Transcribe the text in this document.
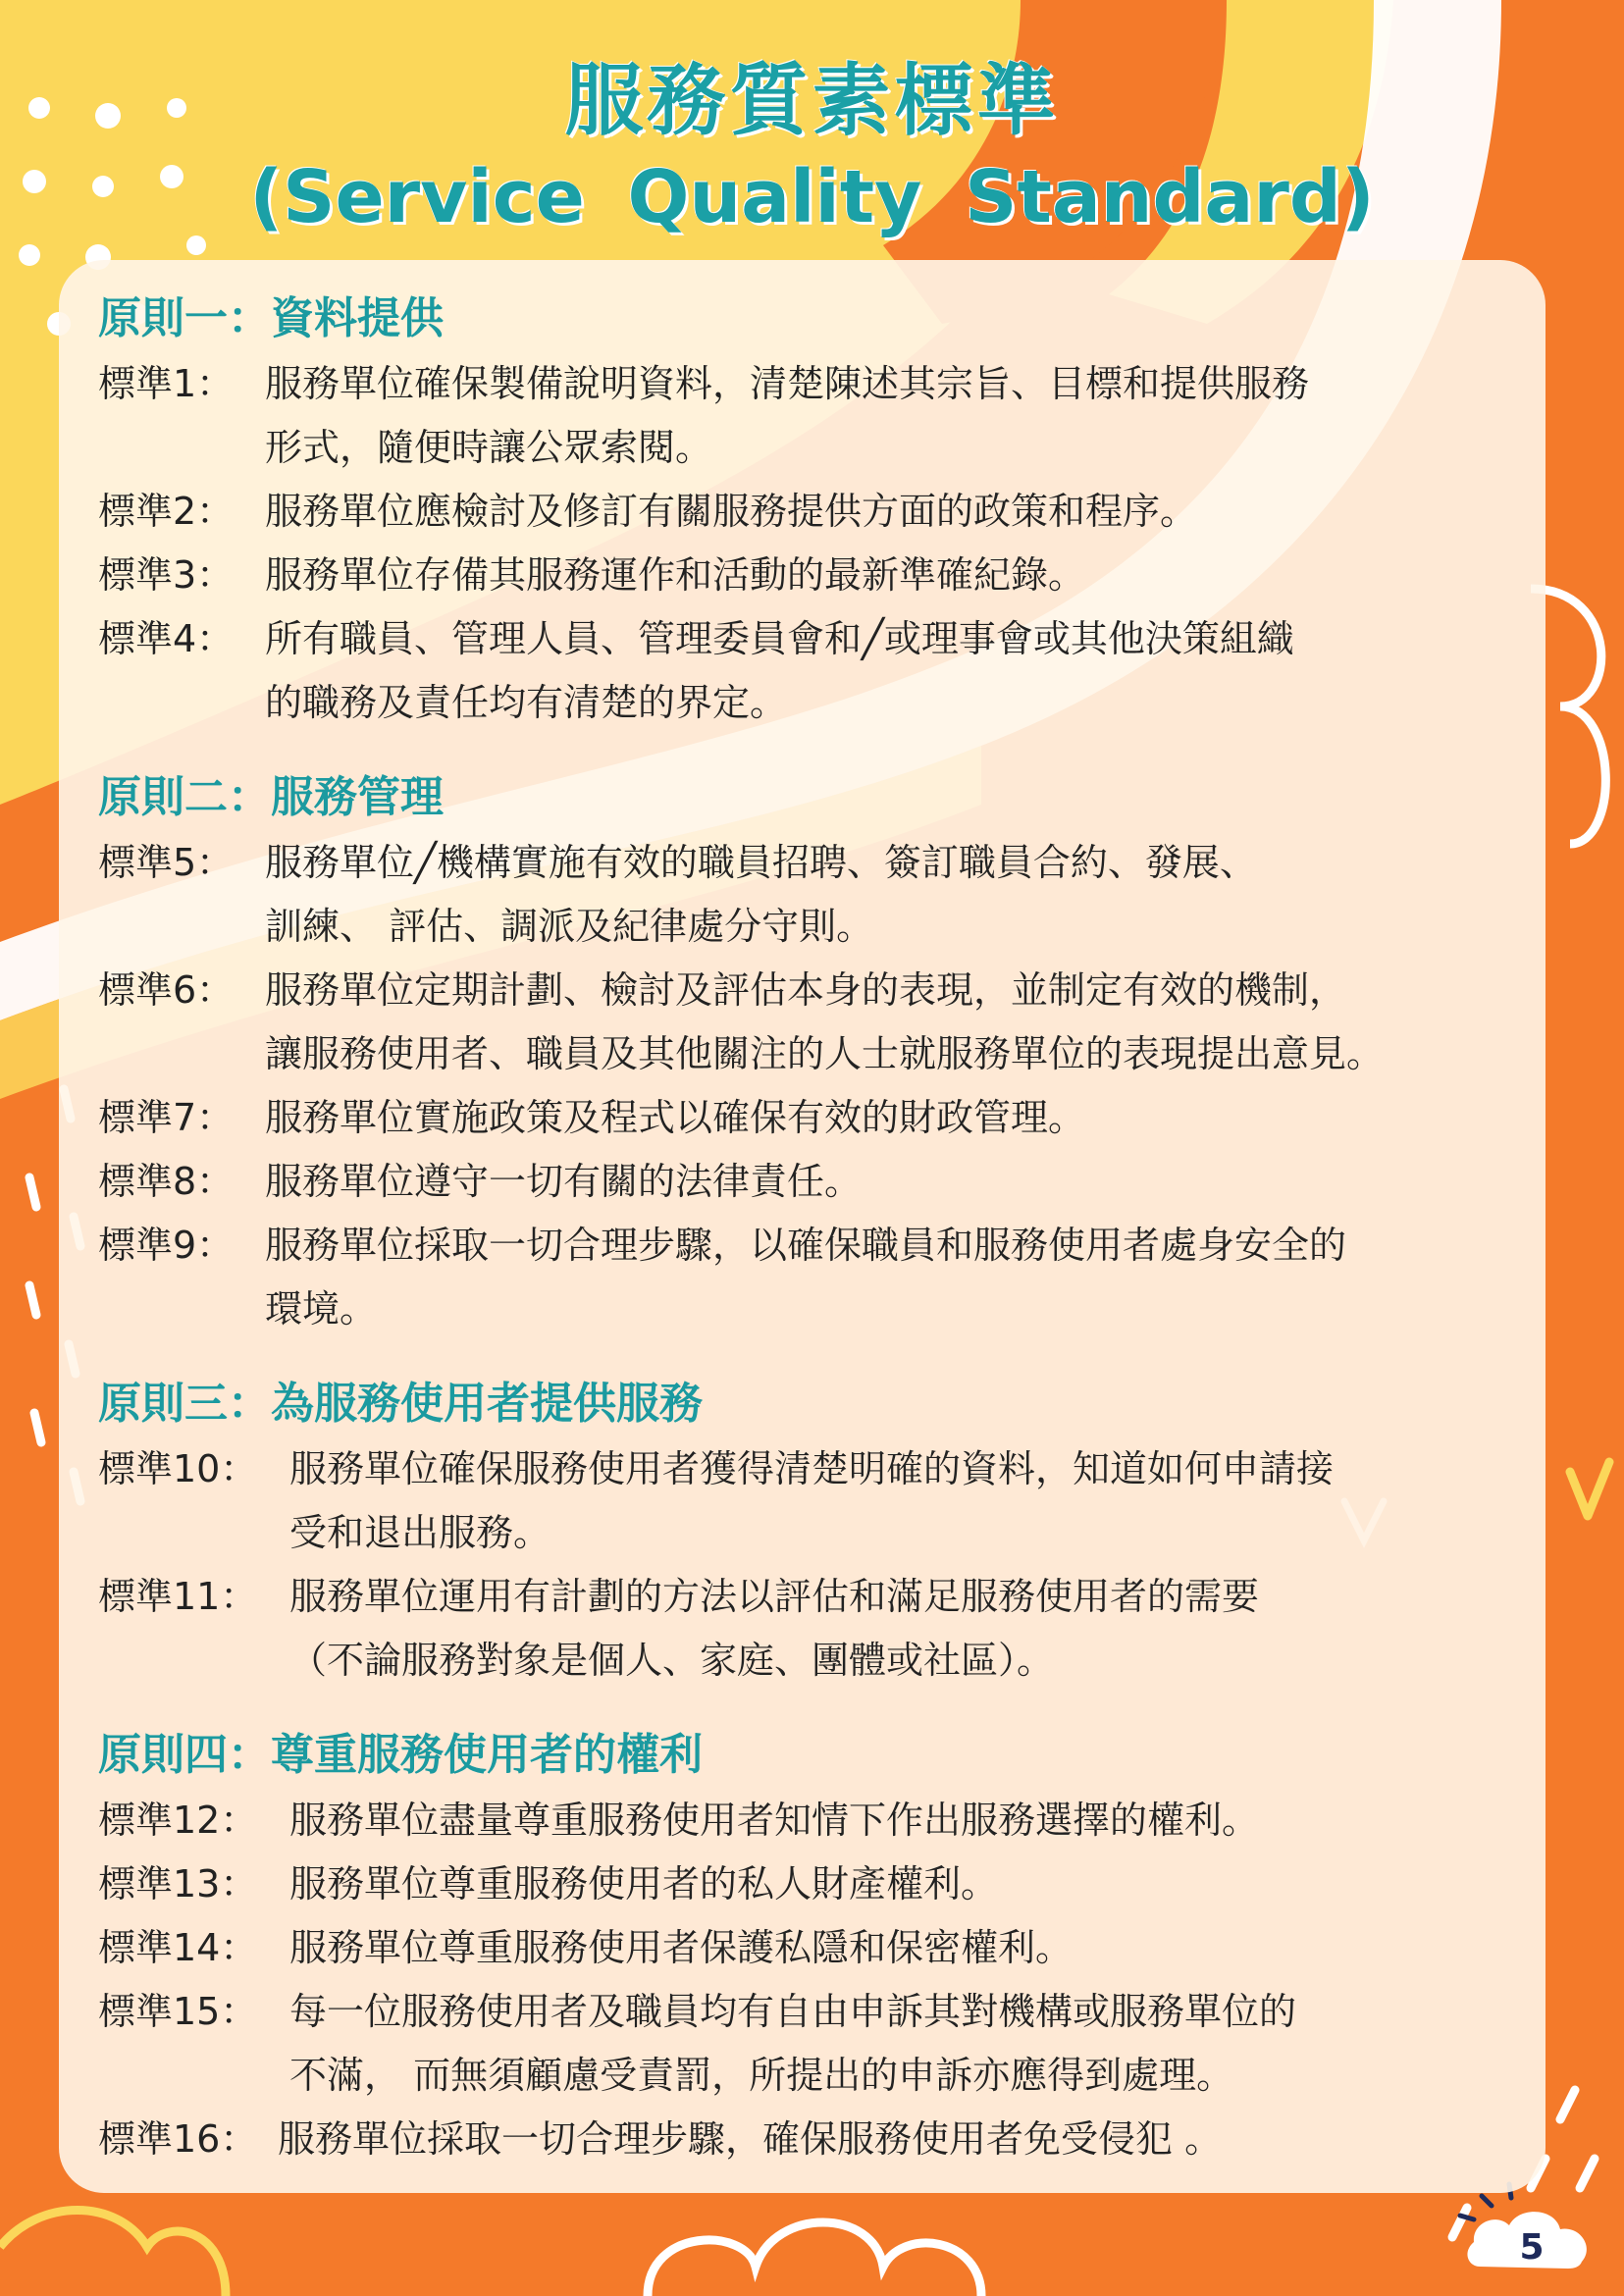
服務質素標準
(Service Quality Standard)
原則一：資料提供
標準1： 服務單位確保製備說明資料，清楚陳述其宗旨、目標和提供服務
形式，隨便時讓公眾索閱。
標準2： 服務單位應檢討及修訂有關服務提供方面的政策和程序。
標準3： 服務單位存備其服務運作和活動的最新準確紀錄。
標準4： 所有職員、管理人員、管理委員會和╱或理事會或其他決策組織
的職務及責任均有清楚的界定。
原則二：服務管理
標準5： 服務單位╱機構實施有效的職員招聘、簽訂職員合約、發展、
訓練、 評估、調派及紀律處分守則。
標準6： 服務單位定期計劃、檢討及評估本身的表現，並制定有效的機制，
讓服務使用者、職員及其他關注的人士就服務單位的表現提出意見。
標準7： 服務單位實施政策及程式以確保有效的財政管理。
標準8： 服務單位遵守一切有關的法律責任。
標準9： 服務單位採取一切合理步驟，以確保職員和服務使用者處身安全的
環境。
原則三：為服務使用者提供服務
標準10： 服務單位確保服務使用者獲得清楚明確的資料，知道如何申請接
受和退出服務。
標準11： 服務單位運用有計劃的方法以評估和滿足服務使用者的需要
（不論服務對象是個人、家庭、團體或社區）。
原則四：尊重服務使用者的權利
標準12： 服務單位盡量尊重服務使用者知情下作出服務選擇的權利。
標準13： 服務單位尊重服務使用者的私人財產權利。
標準14： 服務單位尊重服務使用者保護私隱和保密權利。
標準15： 每一位服務使用者及職員均有自由申訴其對機構或服務單位的
不滿， 而無須顧慮受責罰，所提出的申訴亦應得到處理。
標準16： 服務單位採取一切合理步驟，確保服務使用者免受侵犯 。
5
